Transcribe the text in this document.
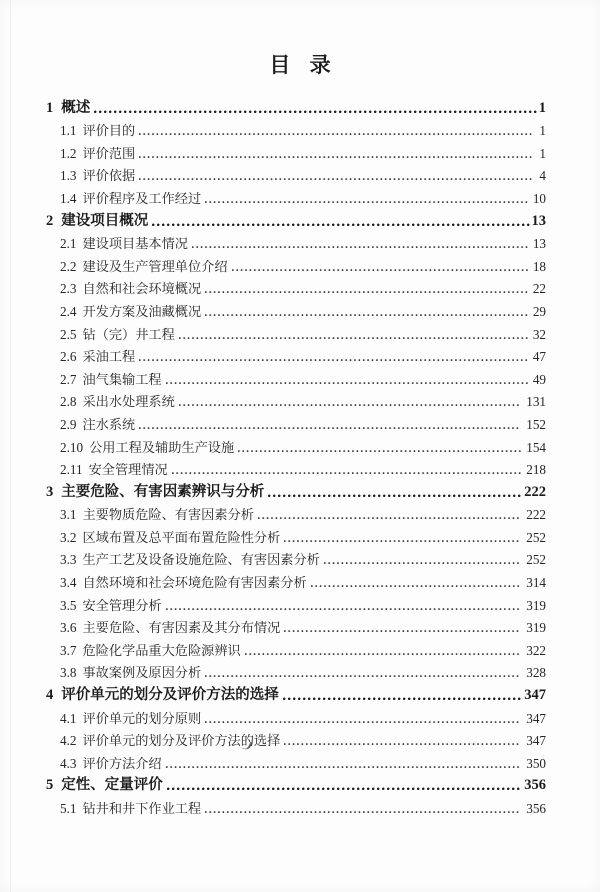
目 录
1 概述	1
1.1 评价目的	1
1.2 评价范围	1
1.3 评价依据	4
1.4 评价程序及工作经过	10
2 建设项目概况	13
2.1 建设项目基本情况	13
2.2 建设及生产管理单位介绍	18
2.3 自然和社会环境概况	22
2.4 开发方案及油藏概况	29
2.5 钻（完）井工程	32
2.6 采油工程	47
2.7 油气集输工程	49
2.8 采出水处理系统	131
2.9 注水系统	152
2.10 公用工程及辅助生产设施	154
2.11 安全管理情况	218
3 主要危险、有害因素辨识与分析	222
3.1 主要物质危险、有害因素分析	222
3.2 区域布置及总平面布置危险性分析	252
3.3 生产工艺及设备设施危险、有害因素分析	252
3.4 自然环境和社会环境危险有害因素分析	314
3.5 安全管理分析	319
3.6 主要危险、有害因素及其分布情况	319
3.7 危险化学品重大危险源辨识	322
3.8 事故案例及原因分析	328
4 评价单元的划分及评价方法的选择	347
4.1 评价单元的划分原则	347
4.2 评价单元的划分及评价方法的选择	347
4.3 评价方法介绍	350
5 定性、定量评价	356
5.1 钻井和井下作业工程	356
